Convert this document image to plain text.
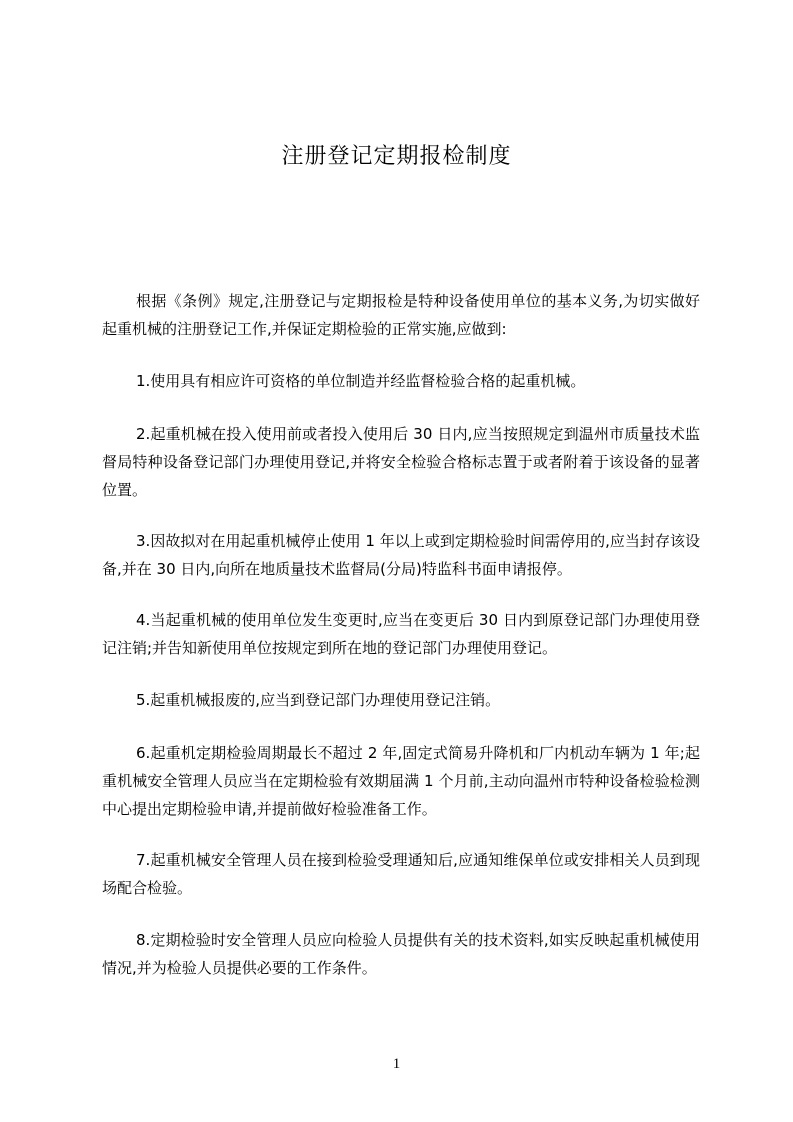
注册登记定期报检制度

根据《条例》规定,注册登记与定期报检是特种设备使用单位的基本义务,为切实做好起重机械的注册登记工作,并保证定期检验的正常实施,应做到:

1.使用具有相应许可资格的单位制造并经监督检验合格的起重机械。

2.起重机械在投入使用前或者投入使用后 30 日内,应当按照规定到温州市质量技术监督局特种设备登记部门办理使用登记,并将安全检验合格标志置于或者附着于该设备的显著位置。

3.因故拟对在用起重机械停止使用 1 年以上或到定期检验时间需停用的,应当封存该设备,并在 30 日内,向所在地质量技术监督局(分局)特监科书面申请报停。

4.当起重机械的使用单位发生变更时,应当在变更后 30 日内到原登记部门办理使用登记注销;并告知新使用单位按规定到所在地的登记部门办理使用登记。

5.起重机械报废的,应当到登记部门办理使用登记注销。

6.起重机定期检验周期最长不超过 2 年,固定式简易升降机和厂内机动车辆为 1 年;起重机械安全管理人员应当在定期检验有效期届满 1 个月前,主动向温州市特种设备检验检测中心提出定期检验申请,并提前做好检验准备工作。

7.起重机械安全管理人员在接到检验受理通知后,应通知维保单位或安排相关人员到现场配合检验。

8.定期检验时安全管理人员应向检验人员提供有关的技术资料,如实反映起重机械使用情况,并为检验人员提供必要的工作条件。

1
